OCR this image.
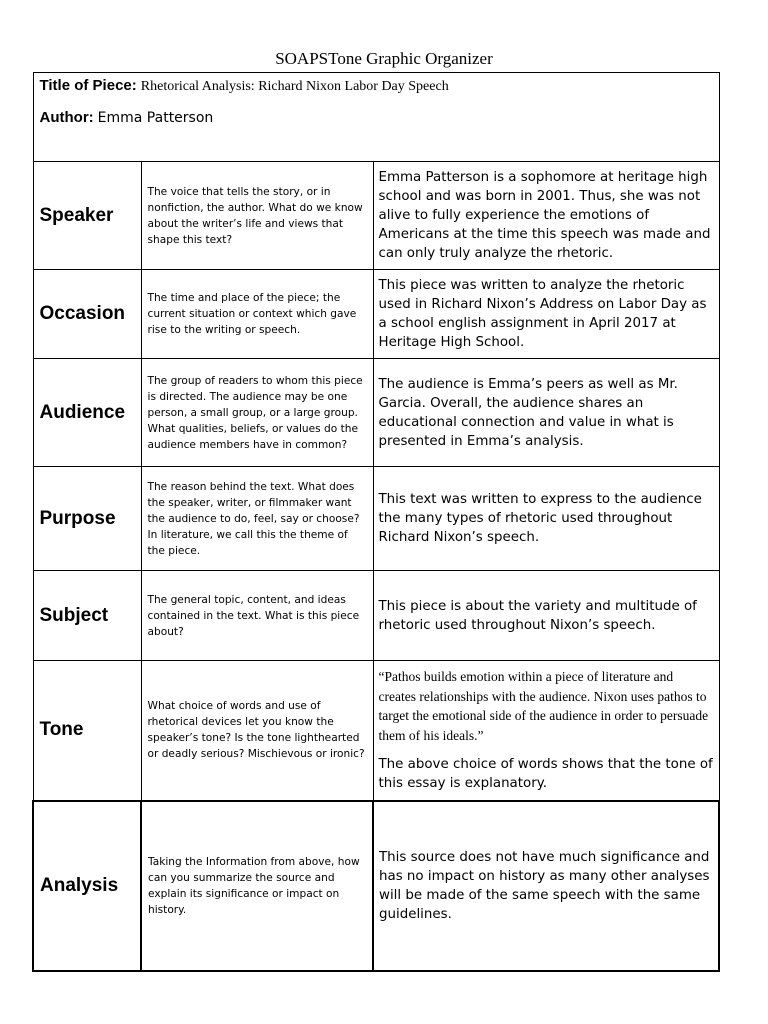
SOAPSTone Graphic Organizer
Title of Piece: Rhetorical Analysis: Richard Nixon Labor Day Speech
Author: Emma Patterson		

Speaker	The voice that tells the story, or in nonfiction, the author. What do we know about the writer’s life and views that shape this text?	Emma Patterson is a sophomore at heritage high school and was born in 2001. Thus, she was not alive to fully experience the emotions of Americans at the time this speech was made and can only truly analyze the rhetoric.
Occasion	The time and place of the piece; the current situation or context which gave rise to the writing or speech.	This piece was written to analyze the rhetoric used in Richard Nixon’s Address on Labor Day as a school english assignment in April 2017 at Heritage High School.
Audience	The group of readers to whom this piece is directed. The audience may be one person, a small group, or a large group. What qualities, beliefs, or values do the audience members have in common?	The audience is Emma’s peers as well as Mr. Garcia. Overall, the audience shares an educational connection and value in what is presented in Emma’s analysis.
Purpose	The reason behind the text. What does the speaker, writer, or filmmaker want the audience to do, feel, say or choose? In literature, we call this the theme of the piece.	This text was written to express to the audience the many types of rhetoric used throughout Richard Nixon’s speech.
Subject	The general topic, content, and ideas contained in the text. What is this piece about?	This piece is about the variety and multitude of rhetoric used throughout Nixon’s speech.
Tone	What choice of words and use of rhetorical devices let you know the speaker’s tone? Is the tone lighthearted or deadly serious? Mischievous or ironic?	“Pathos builds emotion within a piece of literature and creates relationships with the audience. Nixon uses pathos to target the emotional side of the audience in order to persuade them of his ideals.”
The above choice of words shows that the tone of this essay is explanatory.

Analysis	Taking the Information from above, how can you summarize the source and explain its significance or impact on history.	This source does not have much significance and has no impact on history as many other analyses will be made of the same speech with the same guidelines.
